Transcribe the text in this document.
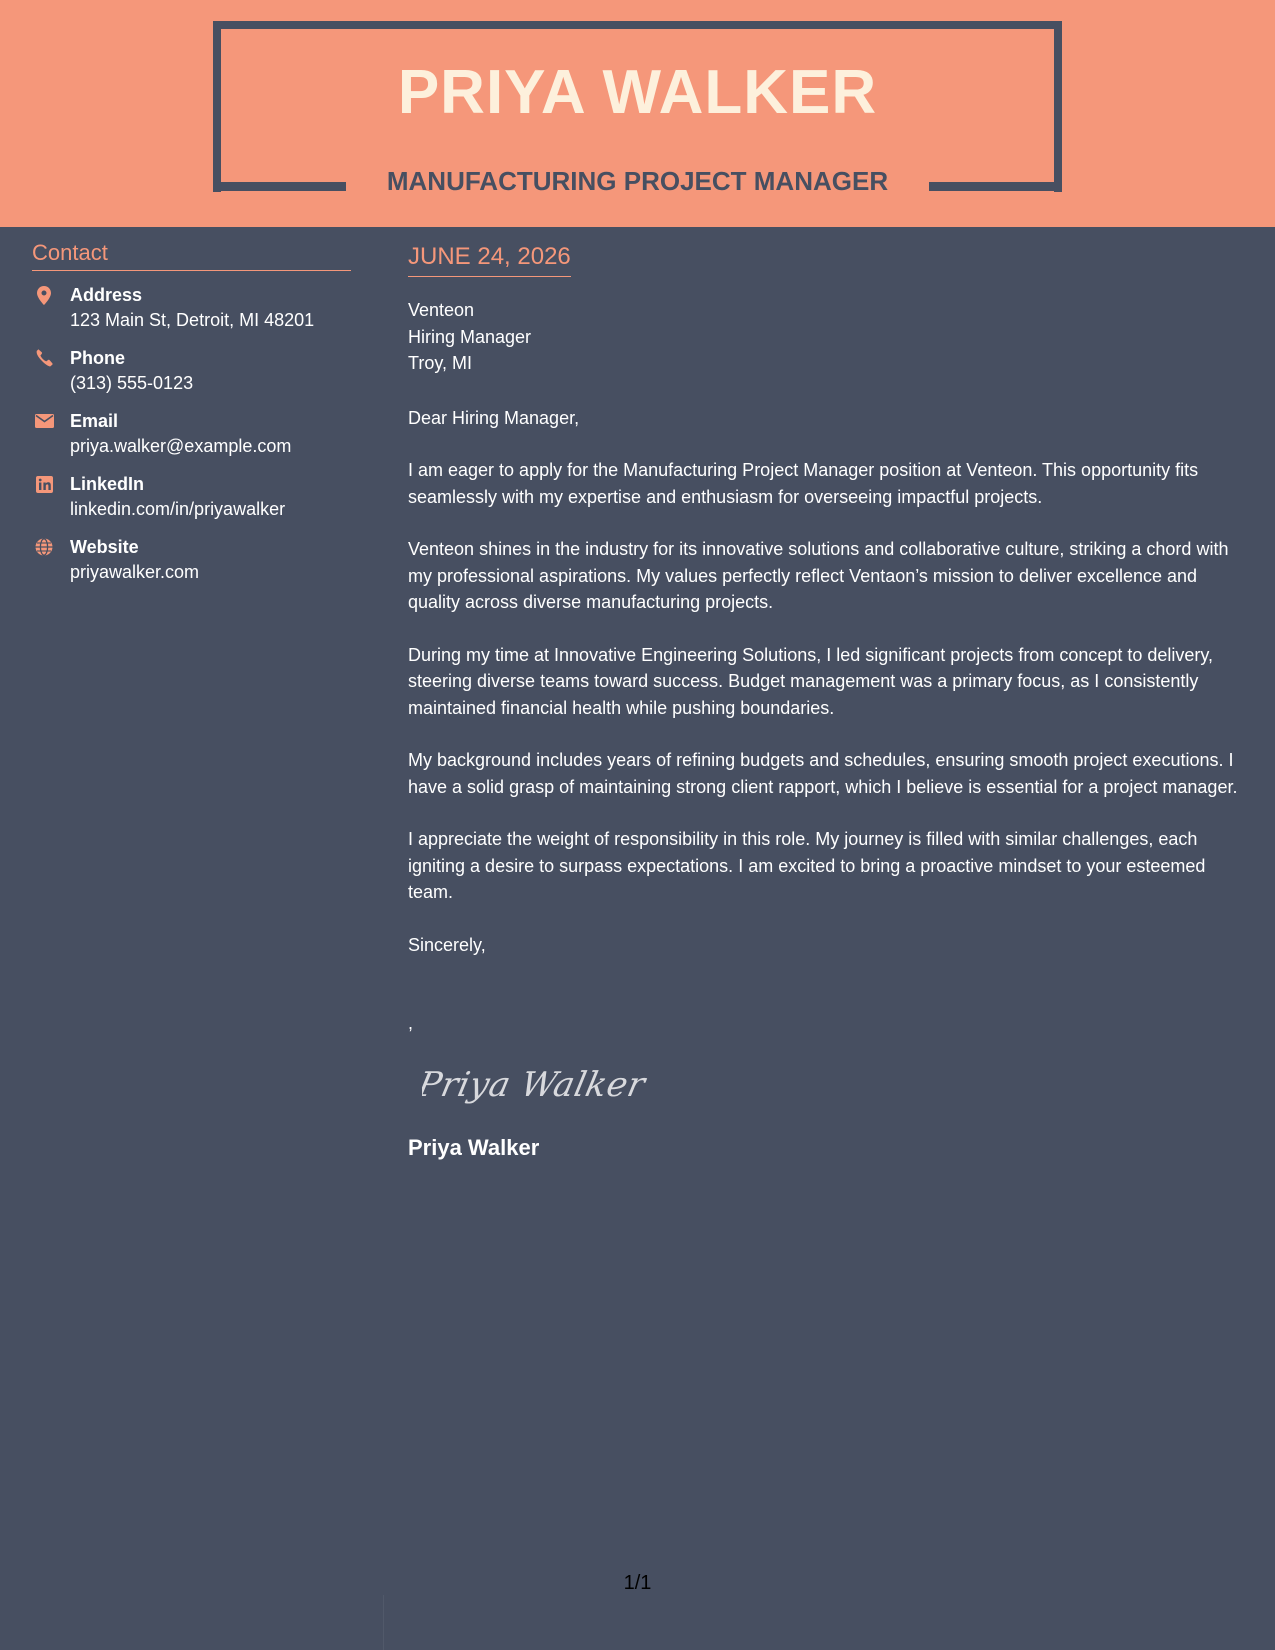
PRIYA WALKER
MANUFACTURING PROJECT MANAGER
Contact
Address
123 Main St, Detroit, MI 48201
Phone
(313) 555-0123
Email
priya.walker@example.com
LinkedIn
linkedin.com/in/priyawalker
Website
priyawalker.com
JUNE 24, 2026
Venteon
Hiring Manager
Troy, MI
Dear Hiring Manager,

I am eager to apply for the Manufacturing Project Manager position at Venteon. This opportunity fits seamlessly with my expertise and enthusiasm for overseeing impactful projects.

Venteon shines in the industry for its innovative solutions and collaborative culture, striking a chord with my professional aspirations. My values perfectly reflect Ventaon’s mission to deliver excellence and quality across diverse manufacturing projects.

During my time at Innovative Engineering Solutions, I led significant projects from concept to delivery, steering diverse teams toward success. Budget management was a primary focus, as I consistently maintained financial health while pushing boundaries.

My background includes years of refining budgets and schedules, ensuring smooth project executions. I have a solid grasp of maintaining strong client rapport, which I believe is essential for a project manager.

I appreciate the weight of responsibility in this role. My journey is filled with similar challenges, each igniting a desire to surpass expectations. I am excited to bring a proactive mindset to your esteemed team.

Sincerely,
,
Priya Walker
Priya Walker
1/1
